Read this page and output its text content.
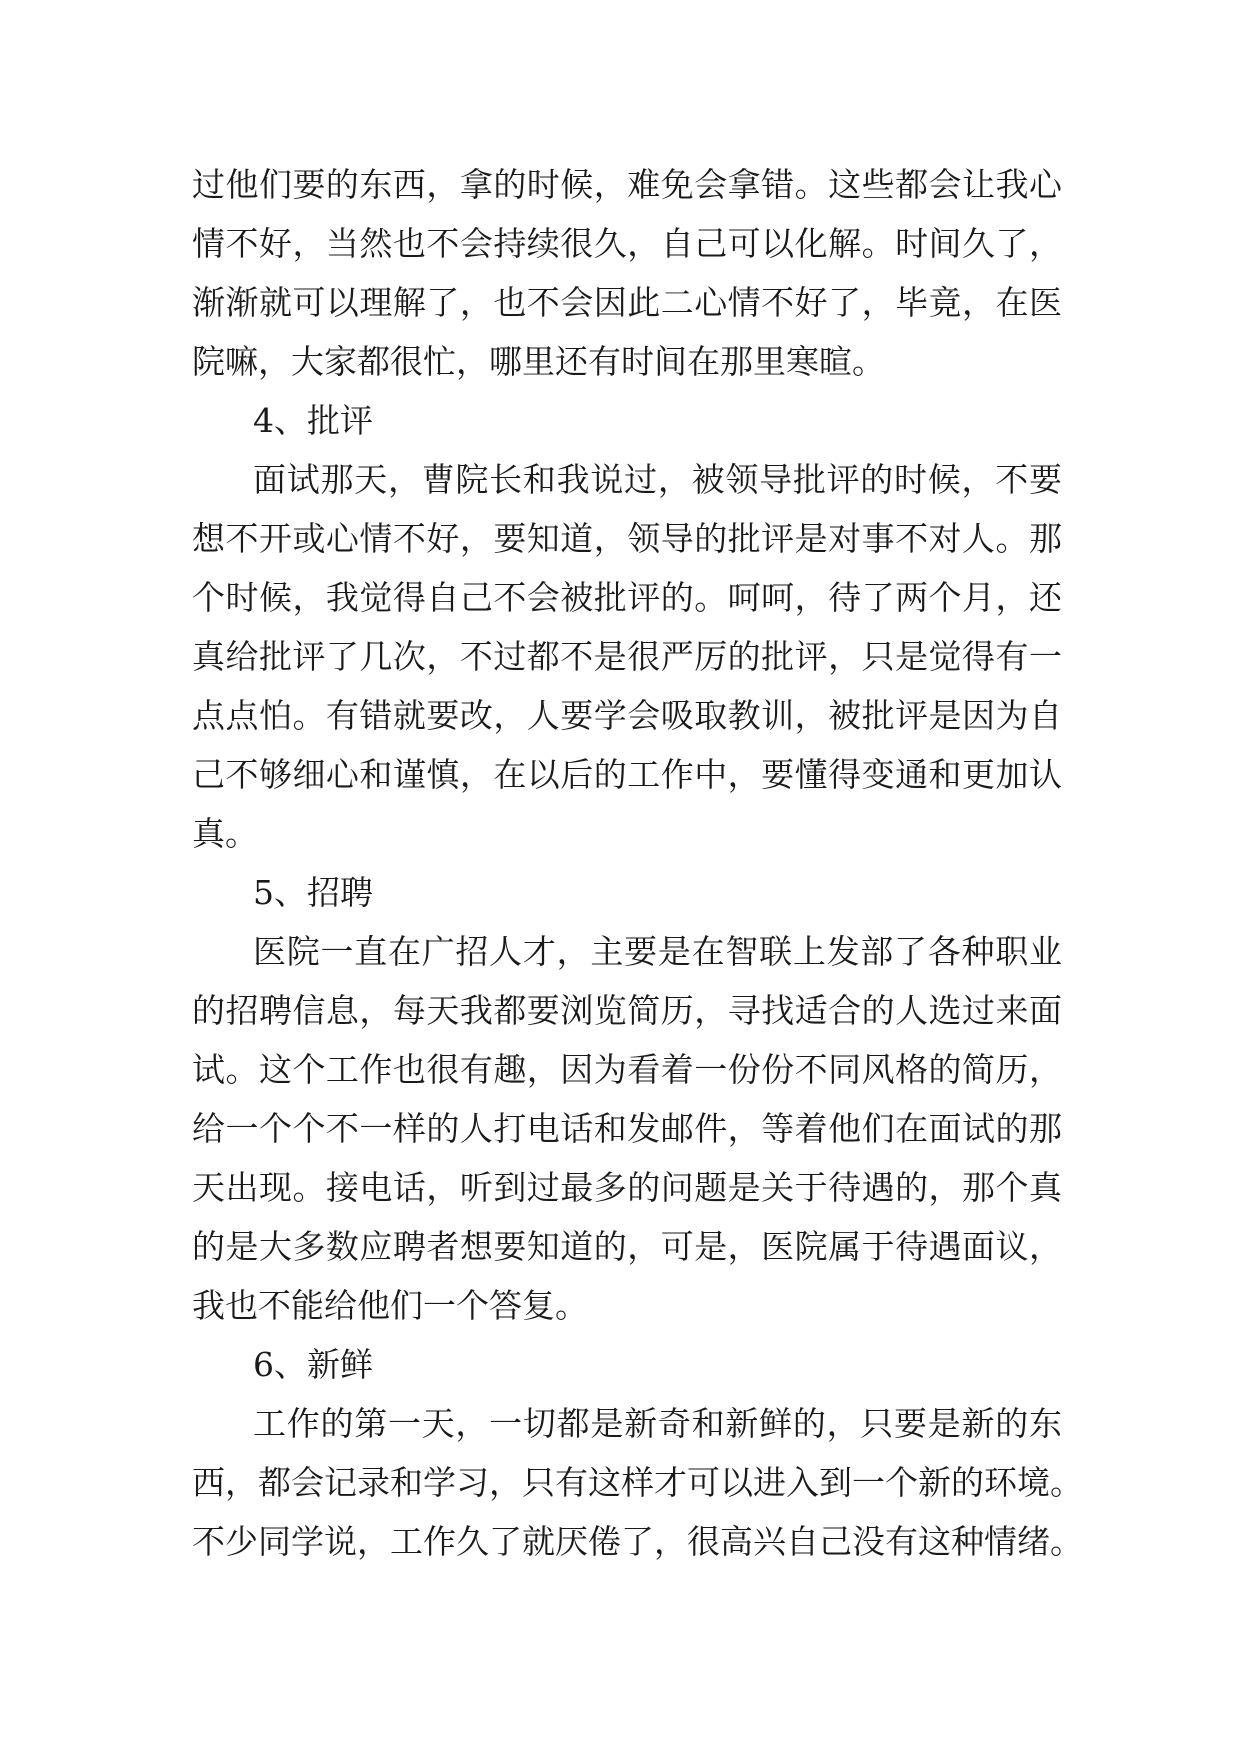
过他们要的东西，拿的时候，难免会拿错。这些都会让我心
情不好，当然也不会持续很久，自己可以化解。时间久了，
渐渐就可以理解了，也不会因此二心情不好了，毕竟，在医
院嘛，大家都很忙，哪里还有时间在那里寒暄。
4、批评
面试那天，曹院长和我说过，被领导批评的时候，不要
想不开或心情不好，要知道，领导的批评是对事不对人。那
个时候，我觉得自己不会被批评的。呵呵，待了两个月，还
真给批评了几次，不过都不是很严厉的批评，只是觉得有一
点点怕。有错就要改，人要学会吸取教训，被批评是因为自
己不够细心和谨慎，在以后的工作中，要懂得变通和更加认
真。
5、招聘
医院一直在广招人才，主要是在智联上发部了各种职业
的招聘信息，每天我都要浏览简历，寻找适合的人选过来面
试。这个工作也很有趣，因为看着一份份不同风格的简历，
给一个个不一样的人打电话和发邮件，等着他们在面试的那
天出现。接电话，听到过最多的问题是关于待遇的，那个真
的是大多数应聘者想要知道的，可是，医院属于待遇面议，
我也不能给他们一个答复。
6、新鲜
工作的第一天，一切都是新奇和新鲜的，只要是新的东
西，都会记录和学习，只有这样才可以进入到一个新的环境。
不少同学说，工作久了就厌倦了，很高兴自己没有这种情绪。
